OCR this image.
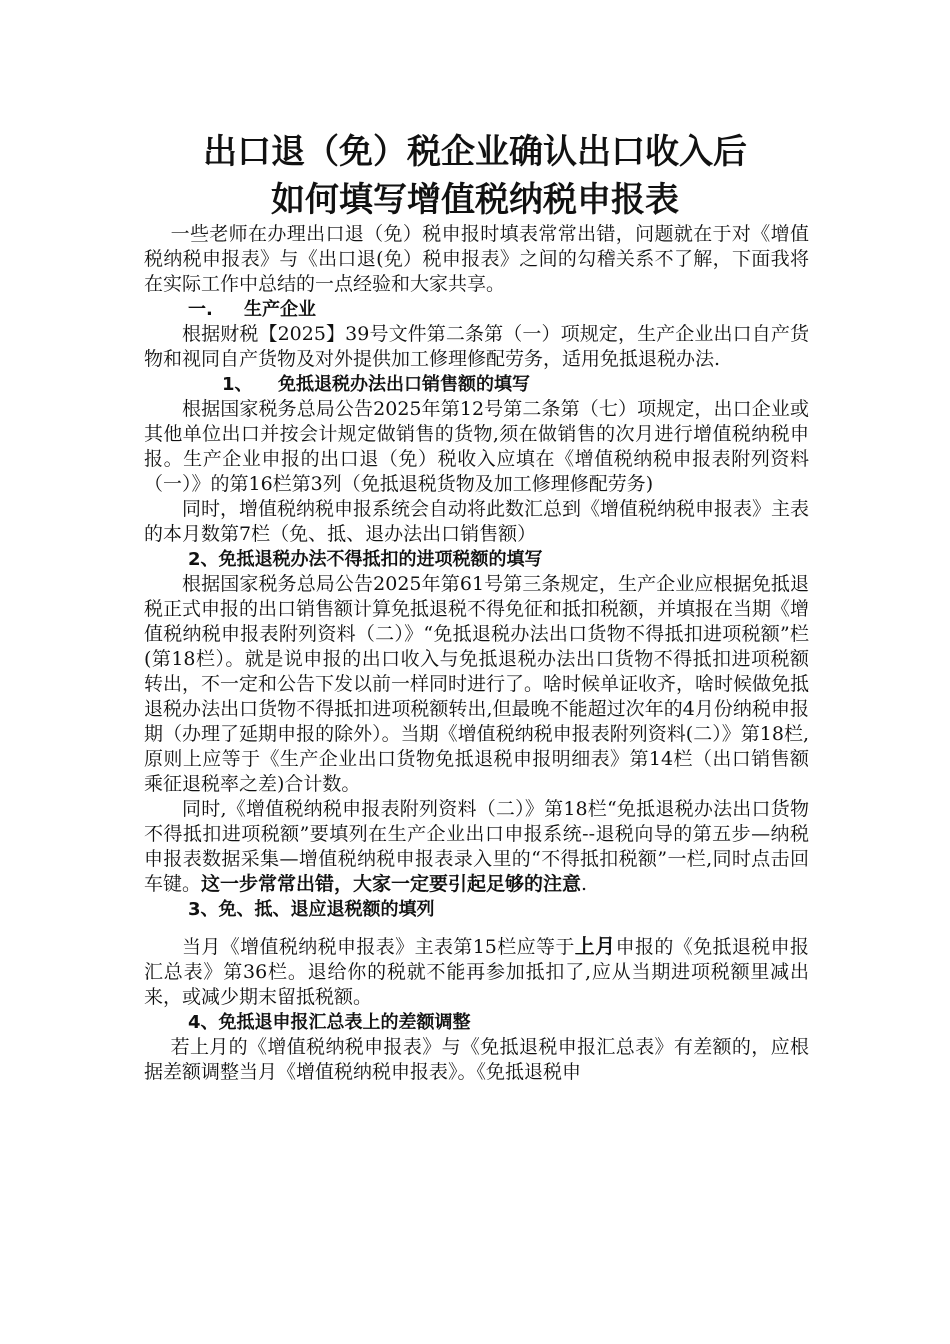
出口退（免）税企业确认出口收入后
如何填写增值税纳税申报表

一些老师在办理出口退（免）税申报时填表常常出错，问题就在于对《增值税纳税申报表》与《出口退(免）税申报表》之间的勾稽关系不了解，下面我将在实际工作中总结的一点经验和大家共享。

一. 生产企业

根据财税【2025】39号文件第二条第（一）项规定，生产企业出口自产货物和视同自产货物及对外提供加工修理修配劳务，适用免抵退税办法.

1、 免抵退税办法出口销售额的填写

根据国家税务总局公告2025年第12号第二条第（七）项规定，出口企业或其他单位出口并按会计规定做销售的货物,须在做销售的次月进行增值税纳税申报。生产企业申报的出口退（免）税收入应填在《增值税纳税申报表附列资料（一）》的第16栏第3列（免抵退税货物及加工修理修配劳务)

同时，增值税纳税申报系统会自动将此数汇总到《增值税纳税申报表》主表的本月数第7栏（免、抵、退办法出口销售额）

2、免抵退税办法不得抵扣的进项税额的填写

根据国家税务总局公告2025年第61号第三条规定，生产企业应根据免抵退税正式申报的出口销售额计算免抵退税不得免征和抵扣税额，并填报在当期《增值税纳税申报表附列资料（二）》“免抵退税办法出口货物不得抵扣进项税额”栏(第18栏）。就是说申报的出口收入与免抵退税办法出口货物不得抵扣进项税额转出，不一定和公告下发以前一样同时进行了。啥时候单证收齐，啥时候做免抵退税办法出口货物不得抵扣进项税额转出,但最晚不能超过次年的4月份纳税申报期（办理了延期申报的除外）。当期《增值税纳税申报表附列资料(二）》第18栏,原则上应等于《生产企业出口货物免抵退税申报明细表》第14栏（出口销售额乘征退税率之差)合计数。

同时,《增值税纳税申报表附列资料（二）》第18栏“免抵退税办法出口货物不得抵扣进项税额”要填列在生产企业出口申报系统--退税向导的第五步—纳税申报表数据采集—增值税纳税申报表录入里的“不得抵扣税额”一栏,同时点击回车键。这一步常常出错，大家一定要引起足够的注意.

3、免、抵、退应退税额的填列

当月《增值税纳税申报表》主表第15栏应等于上月申报的《免抵退税申报汇总表》第36栏。退给你的税就不能再参加抵扣了,应从当期进项税额里减出来，或减少期末留抵税额。

4、免抵退申报汇总表上的差额调整

若上月的《增值税纳税申报表》与《免抵退税申报汇总表》有差额的，应根据差额调整当月《增值税纳税申报表》。《免抵退税申
